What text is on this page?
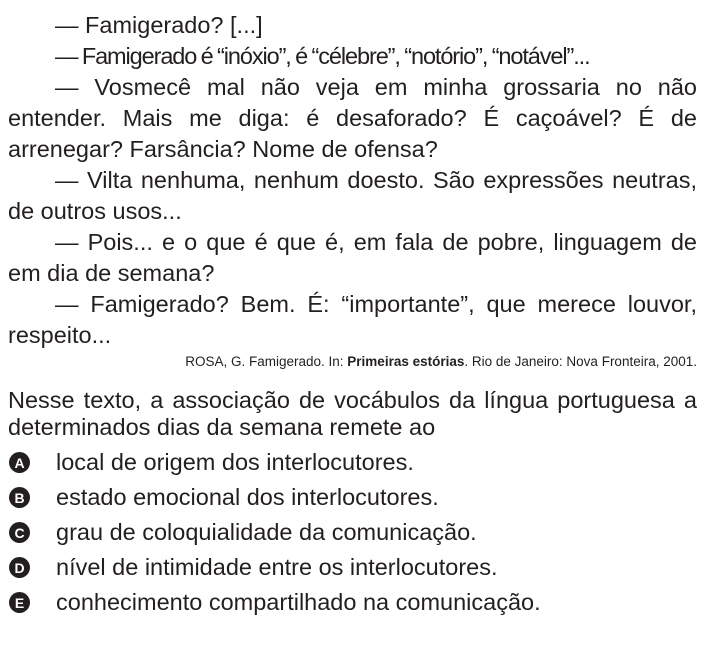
— Famigerado? [...]

— Famigerado é “inóxio”, é “célebre”, “notório”, “notável”...

— Vosmecê mal não veja em minha grossaria no não entender. Mais me diga: é desaforado? É caçoável? É de arrenegar? Farsância? Nome de ofensa?

— Vilta nenhuma, nenhum doesto. São expressões neutras, de outros usos...

— Pois... e o que é que é, em fala de pobre, linguagem de em dia de semana?

— Famigerado? Bem. É: “importante”, que merece louvor, respeito...

ROSA, G. Famigerado. In: Primeiras estórias. Rio de Janeiro: Nova Fronteira, 2001.

Nesse texto, a associação de vocábulos da língua portuguesa a determinados dias da semana remete ao

A local de origem dos interlocutores.
B estado emocional dos interlocutores.
C grau de coloquialidade da comunicação.
D nível de intimidade entre os interlocutores.
E conhecimento compartilhado na comunicação.
